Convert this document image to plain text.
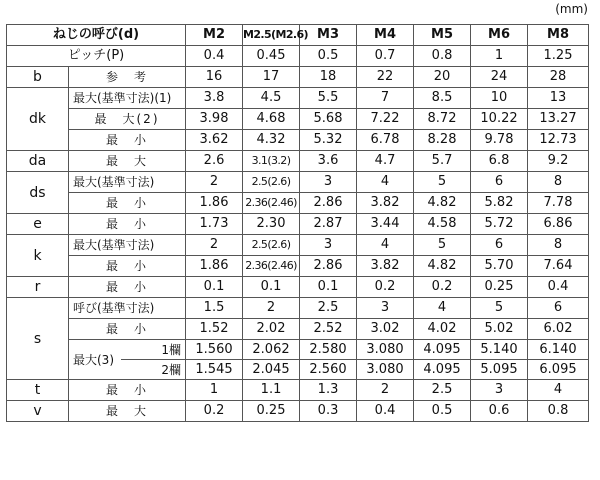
(mm)
ねじの呼び(d)			M2	M2.5(M2.6)	M3	M4	M5	M6	M8
ピッチ(P)			0.4	0.45	0.5	0.7	0.8	1	1.25
b	参　考		16	17	18	22	20	24	28
dk	最大(基準寸法)(1)		3.8	4.5	5.5	7	8.5	10	13
	最　大(2)		3.98	4.68	5.68	7.22	8.72	10.22	13.27
	最　小		3.62	4.32	5.32	6.78	8.28	9.78	12.73
da	最　大		2.6	3.1(3.2)	3.6	4.7	5.7	6.8	9.2
ds	最大(基準寸法)		2	2.5(2.6)	3	4	5	6	8
	最　小		1.86	2.36(2.46)	2.86	3.82	4.82	5.82	7.78
e	最　小		1.73	2.30	2.87	3.44	4.58	5.72	6.86
k	最大(基準寸法)		2	2.5(2.6)	3	4	5	6	8
	最　小		1.86	2.36(2.46)	2.86	3.82	4.82	5.70	7.64
r	最　小		0.1	0.1	0.1	0.2	0.2	0.25	0.4
s	呼び(基準寸法)		1.5	2	2.5	3	4	5	6
	最　小		1.52	2.02	2.52	3.02	4.02	5.02	6.02
	最大(3)	1欄	1.560	2.062	2.580	3.080	4.095	5.140	6.140
		2欄	1.545	2.045	2.560	3.080	4.095	5.095	6.095
t	最　小		1	1.1	1.3	2	2.5	3	4
v	最　大		0.2	0.25	0.3	0.4	0.5	0.6	0.8
